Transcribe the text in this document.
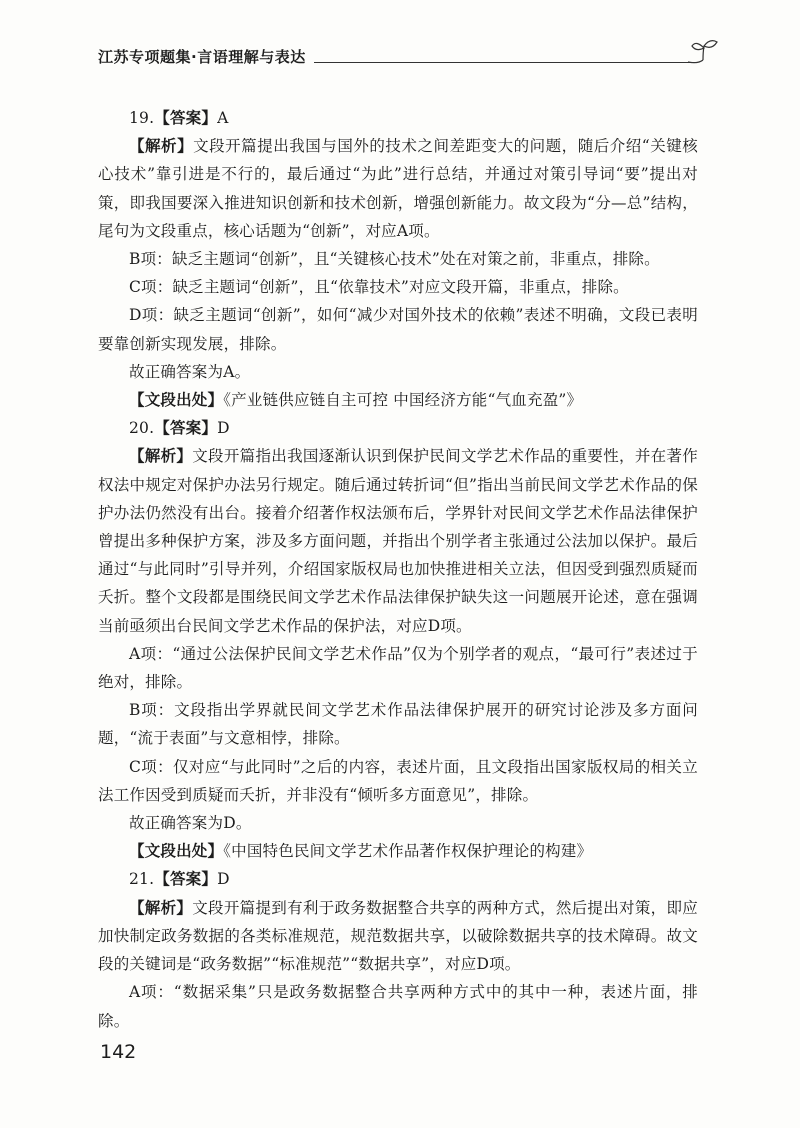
江苏专项题集·言语理解与表达

19.【答案】A

【解析】文段开篇提出我国与国外的技术之间差距变大的问题，随后介绍“关键核心技术”靠引进是不行的，最后通过“为此”进行总结，并通过对策引导词“要”提出对策，即我国要深入推进知识创新和技术创新，增强创新能力。故文段为“分—总”结构，尾句为文段重点，核心话题为“创新”，对应A项。

B项：缺乏主题词“创新”，且“关键核心技术”处在对策之前，非重点，排除。

C项：缺乏主题词“创新”，且“依靠技术”对应文段开篇，非重点，排除。

D项：缺乏主题词“创新”，如何“减少对国外技术的依赖”表述不明确，文段已表明要靠创新实现发展，排除。

故正确答案为A。

【文段出处】《产业链供应链自主可控 中国经济方能“气血充盈”》

20.【答案】D

【解析】文段开篇指出我国逐渐认识到保护民间文学艺术作品的重要性，并在著作权法中规定对保护办法另行规定。随后通过转折词“但”指出当前民间文学艺术作品的保护办法仍然没有出台。接着介绍著作权法颁布后，学界针对民间文学艺术作品法律保护曾提出多种保护方案，涉及多方面问题，并指出个别学者主张通过公法加以保护。最后通过“与此同时”引导并列，介绍国家版权局也加快推进相关立法，但因受到强烈质疑而夭折。整个文段都是围绕民间文学艺术作品法律保护缺失这一问题展开论述，意在强调当前亟须出台民间文学艺术作品的保护法，对应D项。

A项：“通过公法保护民间文学艺术作品”仅为个别学者的观点，“最可行”表述过于绝对，排除。

B项：文段指出学界就民间文学艺术作品法律保护展开的研究讨论涉及多方面问题，“流于表面”与文意相悖，排除。

C项：仅对应“与此同时”之后的内容，表述片面，且文段指出国家版权局的相关立法工作因受到质疑而夭折，并非没有“倾听多方面意见”，排除。

故正确答案为D。

【文段出处】《中国特色民间文学艺术作品著作权保护理论的构建》

21.【答案】D

【解析】文段开篇提到有利于政务数据整合共享的两种方式，然后提出对策，即应加快制定政务数据的各类标准规范，规范数据共享，以破除数据共享的技术障碍。故文段的关键词是“政务数据”“标准规范”“数据共享”，对应D项。

A项：“数据采集”只是政务数据整合共享两种方式中的其中一种，表述片面，排除。

142
